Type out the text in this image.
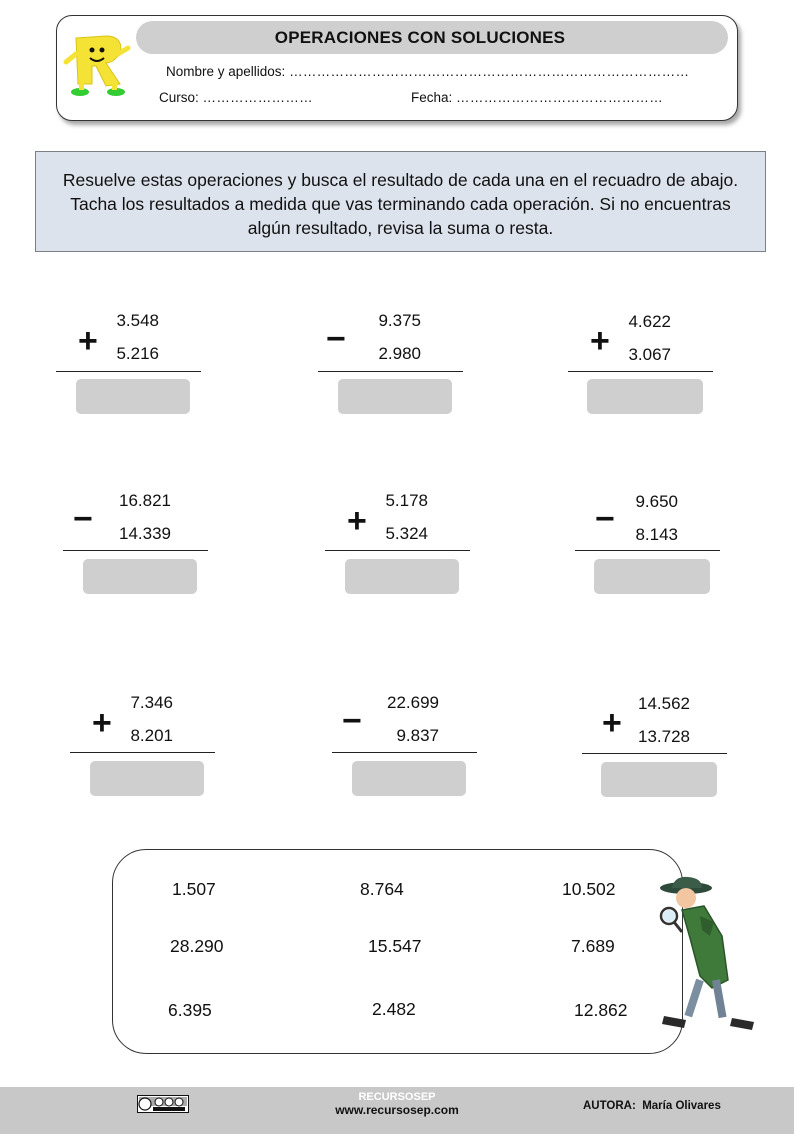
OPERACIONES CON SOLUCIONES
Nombre y apellidos: ……………………………………………………………………………
Curso: ……………………	Fecha: ………………………………………
Resuelve estas operaciones y busca el resultado de cada una en el recuadro de abajo. Tacha los resultados a medida que vas terminando cada operación. Si no encuentras algún resultado, revisa la suma o resta.
+
3.548
5.216	−	9.375
2.980	+
4.622
3.067
−	16.821
14.339	+
5.178
5.324	−	9.650
8.143
+
7.346
8.201	−	22.699
9.837	+
14.562
13.728
1.507	8.764	10.502
28.290	15.547	7.689
6.395	2.482	12.862
RECURSOSEP
www.recursosep.com	AUTORA: María Olivares
